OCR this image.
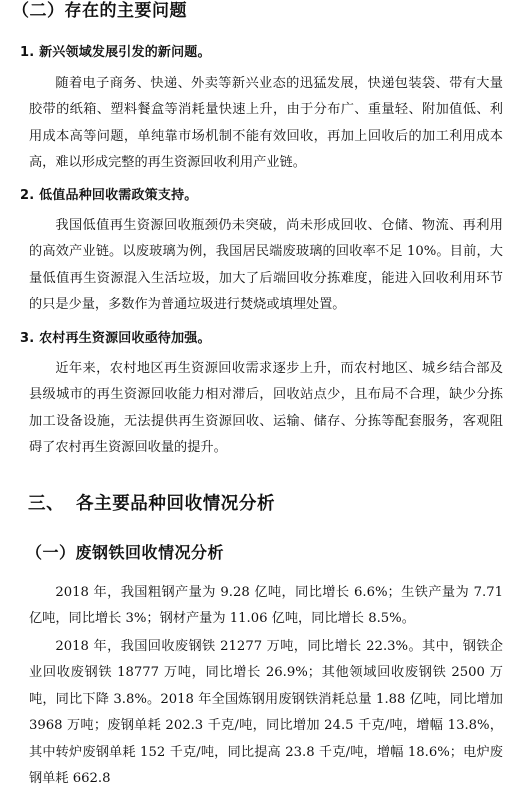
（二）存在的主要问题
1. 新兴领域发展引发的新问题。

随着电子商务、快递、外卖等新兴业态的迅猛发展，快递包装袋、带有大量胶带的纸箱、塑料餐盒等消耗量快速上升，由于分布广、重量轻、附加值低、利用成本高等问题，单纯靠市场机制不能有效回收，再加上回收后的加工利用成本高，难以形成完整的再生资源回收利用产业链。

2. 低值品种回收需政策支持。

我国低值再生资源回收瓶颈仍未突破，尚未形成回收、仓储、物流、再利用的高效产业链。以废玻璃为例，我国居民端废玻璃的回收率不足 10%。目前，大量低值再生资源混入生活垃圾，加大了后端回收分拣难度，能进入回收利用环节的只是少量，多数作为普通垃圾进行焚烧或填埋处置。

3. 农村再生资源回收亟待加强。

近年来，农村地区再生资源回收需求逐步上升，而农村地区、城乡结合部及县级城市的再生资源回收能力相对滞后，回收站点少，且布局不合理，缺少分拣加工设备设施，无法提供再生资源回收、运输、储存、分拣等配套服务，客观阻碍了农村再生资源回收量的提升。

三、 各主要品种回收情况分析
（一）废钢铁回收情况分析

2018 年，我国粗钢产量为 9.28 亿吨，同比增长 6.6%；生铁产量为 7.71 亿吨，同比增长 3%；钢材产量为 11.06 亿吨，同比增长 8.5%。

2018 年，我国回收废钢铁 21277 万吨，同比增长 22.3%。其中，钢铁企业回收废钢铁 18777 万吨，同比增长 26.9%；其他领域回收废钢铁 2500 万吨，同比下降 3.8%。2018 年全国炼钢用废钢铁消耗总量 1.88 亿吨，同比增加 3968 万吨；废钢单耗 202.3 千克/吨，同比增加 24.5 千克/吨，增幅 13.8%，其中转炉废钢单耗 152 千克/吨，同比提高 23.8 千克/吨，增幅 18.6%；电炉废钢单耗 662.8
